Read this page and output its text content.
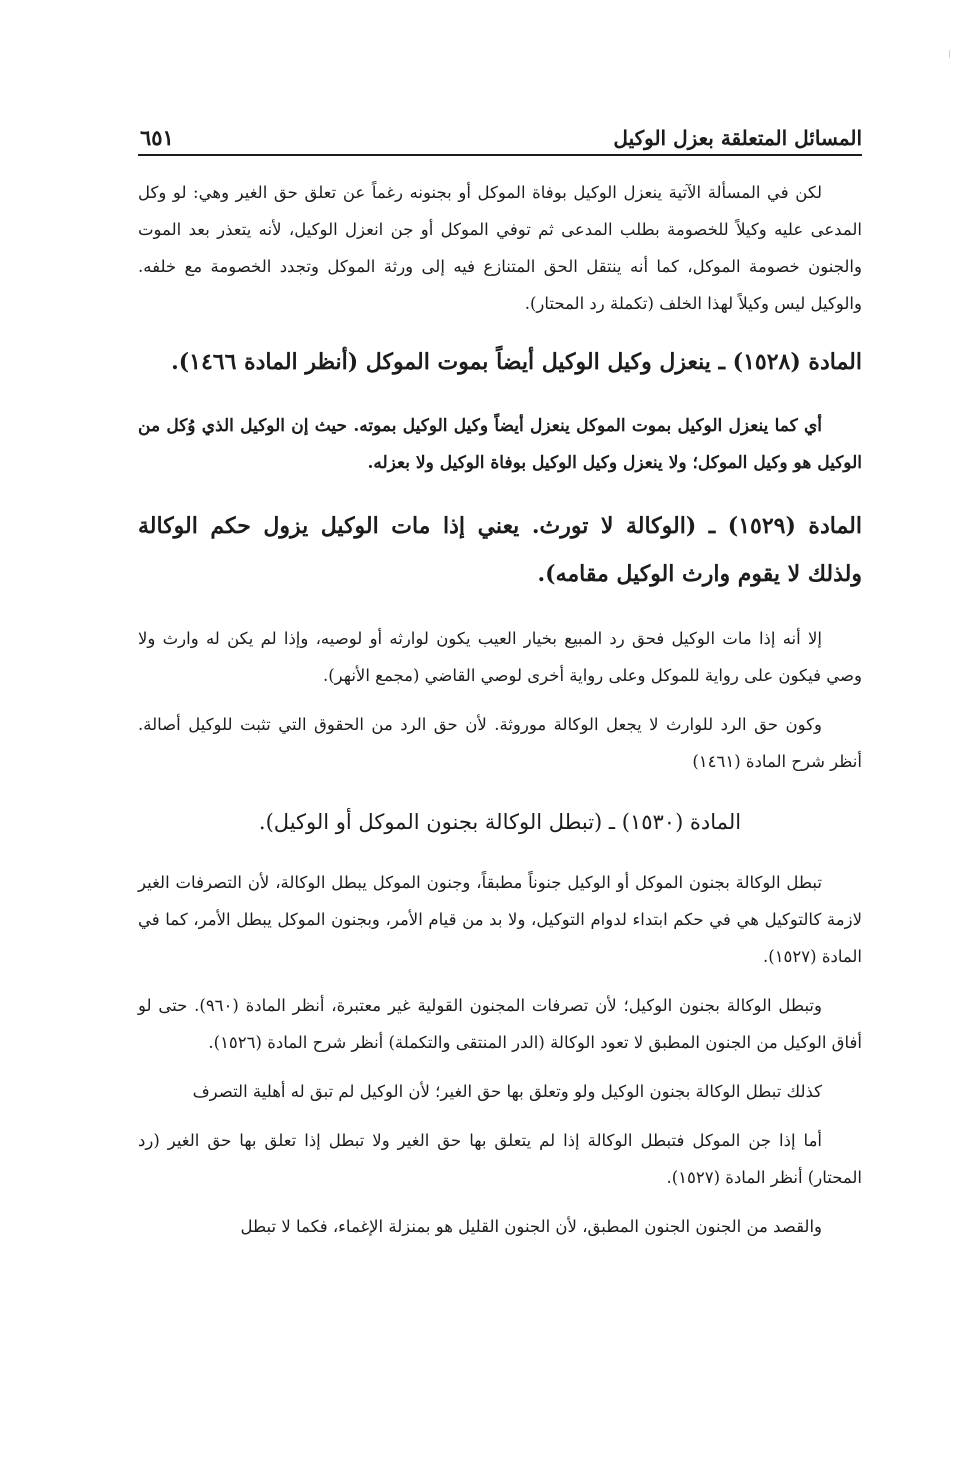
المسائل المتعلقة بعزل الوكيل
٦٥١

لكن في المسألة الآتية ينعزل الوكيل بوفاة الموكل أو بجنونه رغماً عن تعلق حق الغير وهي: لو وكل المدعى عليه وكيلاً للخصومة بطلب المدعى ثم توفي الموكل أو جن انعزل الوكيل، لأنه يتعذر بعد الموت والجنون خصومة الموكل، كما أنه ينتقل الحق المتنازع فيه إلى ورثة الموكل وتجدد الخصومة مع خلفه. والوكيل ليس وكيلاً لهذا الخلف (تكملة رد المحتار).

المادة (١٥٢٨) ـ ينعزل وكيل الوكيل أيضاً بموت الموكل (أنظر المادة ١٤٦٦).

أي كما ينعزل الوكيل بموت الموكل ينعزل أيضاً وكيل الوكيل بموته. حيث إن الوكيل الذي وُكل من الوكيل هو وكيل الموكل؛ ولا ينعزل وكيل الوكيل بوفاة الوكيل ولا بعزله.

المادة (١٥٢٩) ـ (الوكالة لا تورث. يعني إذا مات الوكيل يزول حكم الوكالة ولذلك لا يقوم وارث الوكيل مقامه).

إلا أنه إذا مات الوكيل فحق رد المبيع بخيار العيب يكون لوارثه أو لوصيه، وإذا لم يكن له وارث ولا وصي فيكون على رواية للموكل وعلى رواية أخرى لوصي القاضي (مجمع الأنهر).

وكون حق الرد للوارث لا يجعل الوكالة موروثة. لأن حق الرد من الحقوق التي تثبت للوكيل أصالة. أنظر شرح المادة (١٤٦١)

المادة (١٥٣٠) ـ (تبطل الوكالة بجنون الموكل أو الوكيل).

تبطل الوكالة بجنون الموكل أو الوكيل جنوناً مطبقاً، وجنون الموكل يبطل الوكالة، لأن التصرفات الغير لازمة كالتوكيل هي في حكم ابتداء لدوام التوكيل، ولا بد من قيام الأمر، وبجنون الموكل يبطل الأمر، كما في المادة (١٥٢٧).

وتبطل الوكالة بجنون الوكيل؛ لأن تصرفات المجنون القولية غير معتبرة، أنظر المادة (٩٦٠). حتى لو أفاق الوكيل من الجنون المطبق لا تعود الوكالة (الدر المنتقى والتكملة) أنظر شرح المادة (١٥٢٦).

كذلك تبطل الوكالة بجنون الوكيل ولو وتعلق بها حق الغير؛ لأن الوكيل لم تبق له أهلية التصرف

أما إذا جن الموكل فتبطل الوكالة إذا لم يتعلق بها حق الغير ولا تبطل إذا تعلق بها حق الغير (رد المحتار) أنظر المادة (١٥٢٧).

والقصد من الجنون الجنون المطبق، لأن الجنون القليل هو بمنزلة الإغماء، فكما لا تبطل
